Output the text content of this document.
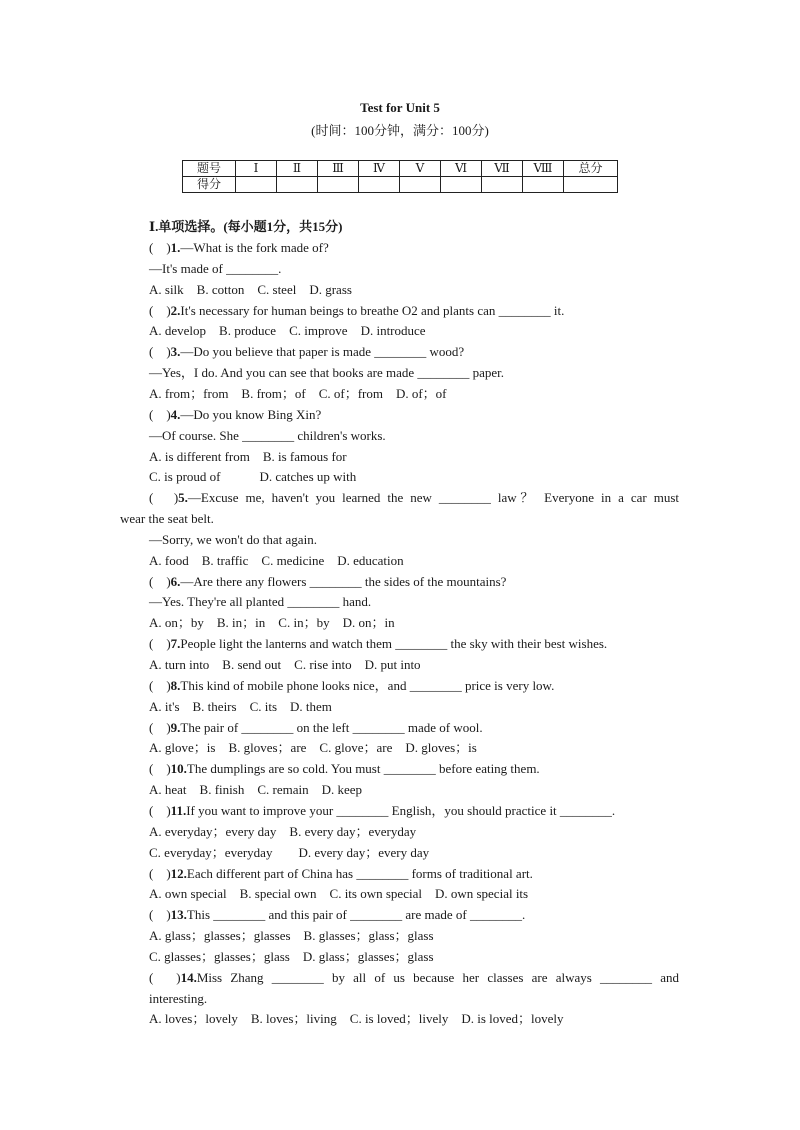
Test for Unit 5
(时间：100分钟，满分：100分)
题号	Ⅰ	Ⅱ	Ⅲ	Ⅳ	Ⅴ	Ⅵ	Ⅶ	Ⅷ	总分
得分									
Ⅰ.单项选择。(每小题1分，共15分)
(　)1.—What is the fork made of?
—It's made of ________.
A. silk　B. cotton　C. steel　D. grass
(　)2.It's necessary for human beings to breathe O2 and plants can ________ it.
A. develop　B. produce　C. improve　D. introduce
(　)3.—Do you believe that paper is made ________ wood?
—Yes，I do. And you can see that books are made ________ paper.
A. from；from　B. from；of　C. of；from　D. of；of
(　)4.—Do you know Bing Xin?
—Of course. She ________ children's works.
A. is different from　B. is famous for
C. is proud of　　　D. catches up with
(　)5.—Excuse me, haven't you learned the new ________ law？ Everyone in a car must
wear the seat belt.
—Sorry, we won't do that again.
A. food　B. traffic　C. medicine　D. education
(　)6.—Are there any flowers ________ the sides of the mountains?
—Yes. They're all planted ________ hand.
A. on；by　B. in；in　C. in；by　D. on；in
(　)7.People light the lanterns and watch them ________ the sky with their best wishes.
A. turn into　B. send out　C. rise into　D. put into
(　)8.This kind of mobile phone looks nice，and ________ price is very low.
A. it's　B. theirs　C. its　D. them
(　)9.The pair of ________ on the left ________ made of wool.
A. glove；is　B. gloves；are　C. glove；are　D. gloves；is
(　)10.The dumplings are so cold. You must ________ before eating them.
A. heat　B. finish　C. remain　D. keep
(　)11.If you want to improve your ________ English，you should practice it ________.
A. everyday；every day　B. every day；everyday
C. everyday；everyday　　D. every day；every day
(　)12.Each different part of China has ________ forms of traditional art.
A. own special　B. special own　C. its own special　D. own special its
(　)13.This ________ and this pair of ________ are made of ________.
A. glass；glasses；glasses　B. glasses；glass；glass
C. glasses；glasses；glass　D. glass；glasses；glass
(　)14.Miss Zhang ________ by all of us because her classes are always ________ and
interesting.
A. loves；lovely　B. loves；living　C. is loved；lively　D. is loved；lovely
